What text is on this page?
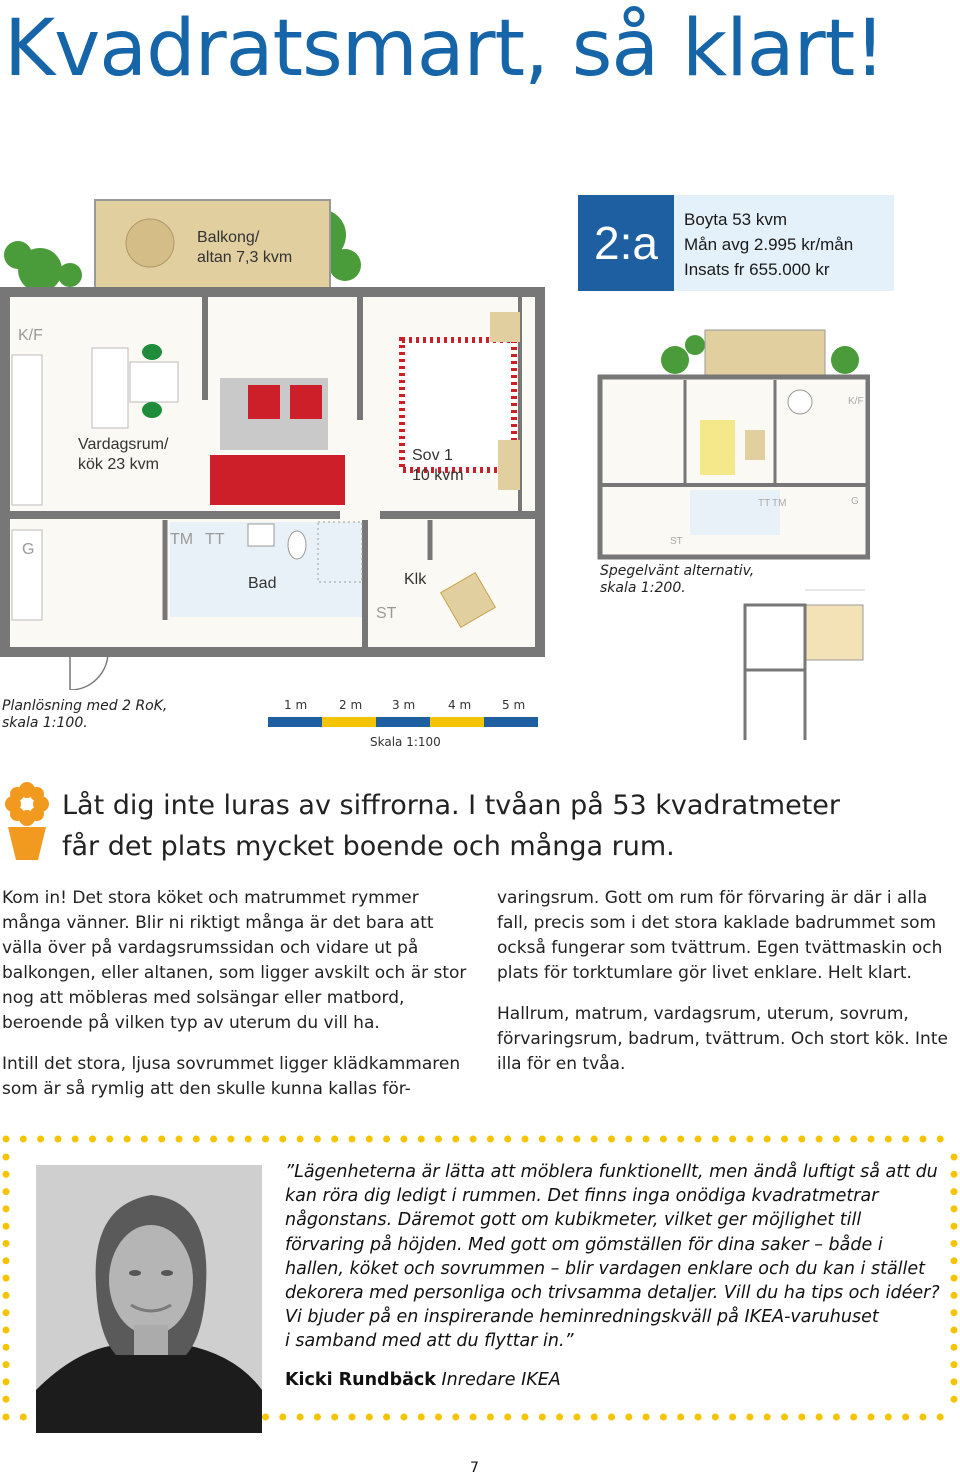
Kvadratsmart, så klart!
Balkong/
altan 7,3 kvm
K/F
Vardagsrum/
kök 23 kvm
Sov 1
10 kvm
G
TM TT
Bad	Klk
ST
2:a	Boyta 53 kvm
Mån avg 2.995 kr/mån
Insats fr 655.000 kr
K/F
G
TT TM
ST
Spegelvänt alternativ,
skala 1:200.
Planlösning med 2 RoK,
skala 1:100.
1 m	2 m 3 m	4 m	5 m
Skala 1:100
Låt dig inte luras av siffrorna. I tvåan på 53 kvadratmeter
får det plats mycket boende och många rum.

Kom in! Det stora köket och matrummet rymmer många vänner. Blir ni riktigt många är det bara att välla över på vardagsrumssidan och vidare ut på balkongen, eller altanen, som ligger avskilt och är stor nog att möbleras med solsängar eller matbord, beroende på vilken typ av uterum du vill ha.

Intill det stora, ljusa sovrummet ligger klädkammaren som är så rymlig att den skulle kunna kallas för-

varingsrum. Gott om rum för förvaring är där i alla fall, precis som i det stora kaklade badrummet som också fungerar som tvättrum. Egen tvättmaskin och plats för torktumlare gör livet enklare. Helt klart.

Hallrum, matrum, vardagsrum, uterum, sovrum, förvaringsrum, badrum, tvättrum. Och stort kök. Inte illa för en tvåa.

”Lägenheterna är lätta att möblera funktionellt, men ändå luftigt så att du kan röra dig ledigt i rummen. Det finns inga onödiga kvadratmetrar någonstans. Däremot gott om kubikmeter, vilket ger möjlighet till förvaring på höjden. Med gott om gömställen för dina saker – både i hallen, köket och sovrummen – blir vardagen enklare och du kan i stället dekorera med personliga och trivsamma detaljer. Vill du ha tips och idéer?
Vi bjuder på en inspirerande heminredningskväll på IKEA-varuhuset
i samband med att du flyttar in.”
Kicki Rundbäck Inredare IKEA
7
